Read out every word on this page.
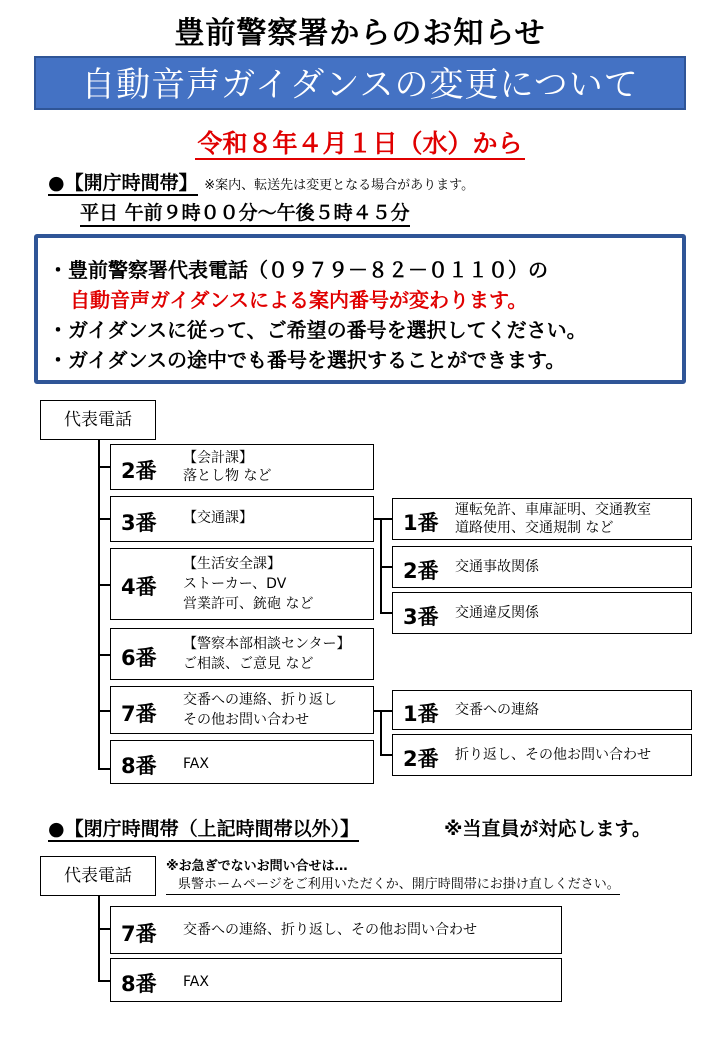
豊前警察署からのお知らせ
自動音声ガイダンスの変更について
令和８年４月１日（水）から
●【開庁時間帯】 ※案内、転送先は変更となる場合があります。
平日 午前９時００分～午後５時４５分
・豊前警察署代表電話（０９７９－８２－０１１０）の
自動音声ガイダンスによる案内番号が変わります。
・ガイダンスに従って、ご希望の番号を選択してください。
・ガイダンスの途中でも番号を選択することができます。
代表電話
2番
【会計課】
落とし物 など
3番 【交通課】
4番
【生活安全課】
ストーカー、DV
営業許可、銃砲 など
6番
【警察本部相談センター】
ご相談、ご意見 など
7番
交番への連絡、折り返し
その他お問い合わせ
8番 FAX
1番
運転免許、車庫証明、交通教室
道路使用、交通規制 など
2番 交通事故関係
3番 交通違反関係
1番 交番への連絡
2番 折り返し、その他お問い合わせ
●【閉庁時間帯（上記時間帯以外）】	※当直員が対応します。
代表電話	※お急ぎでないお問い合せは…
県警ホームページをご利用いただくか、開庁時間帯にお掛け直しください。
7番 交番への連絡、折り返し、その他お問い合わせ
8番 FAX
